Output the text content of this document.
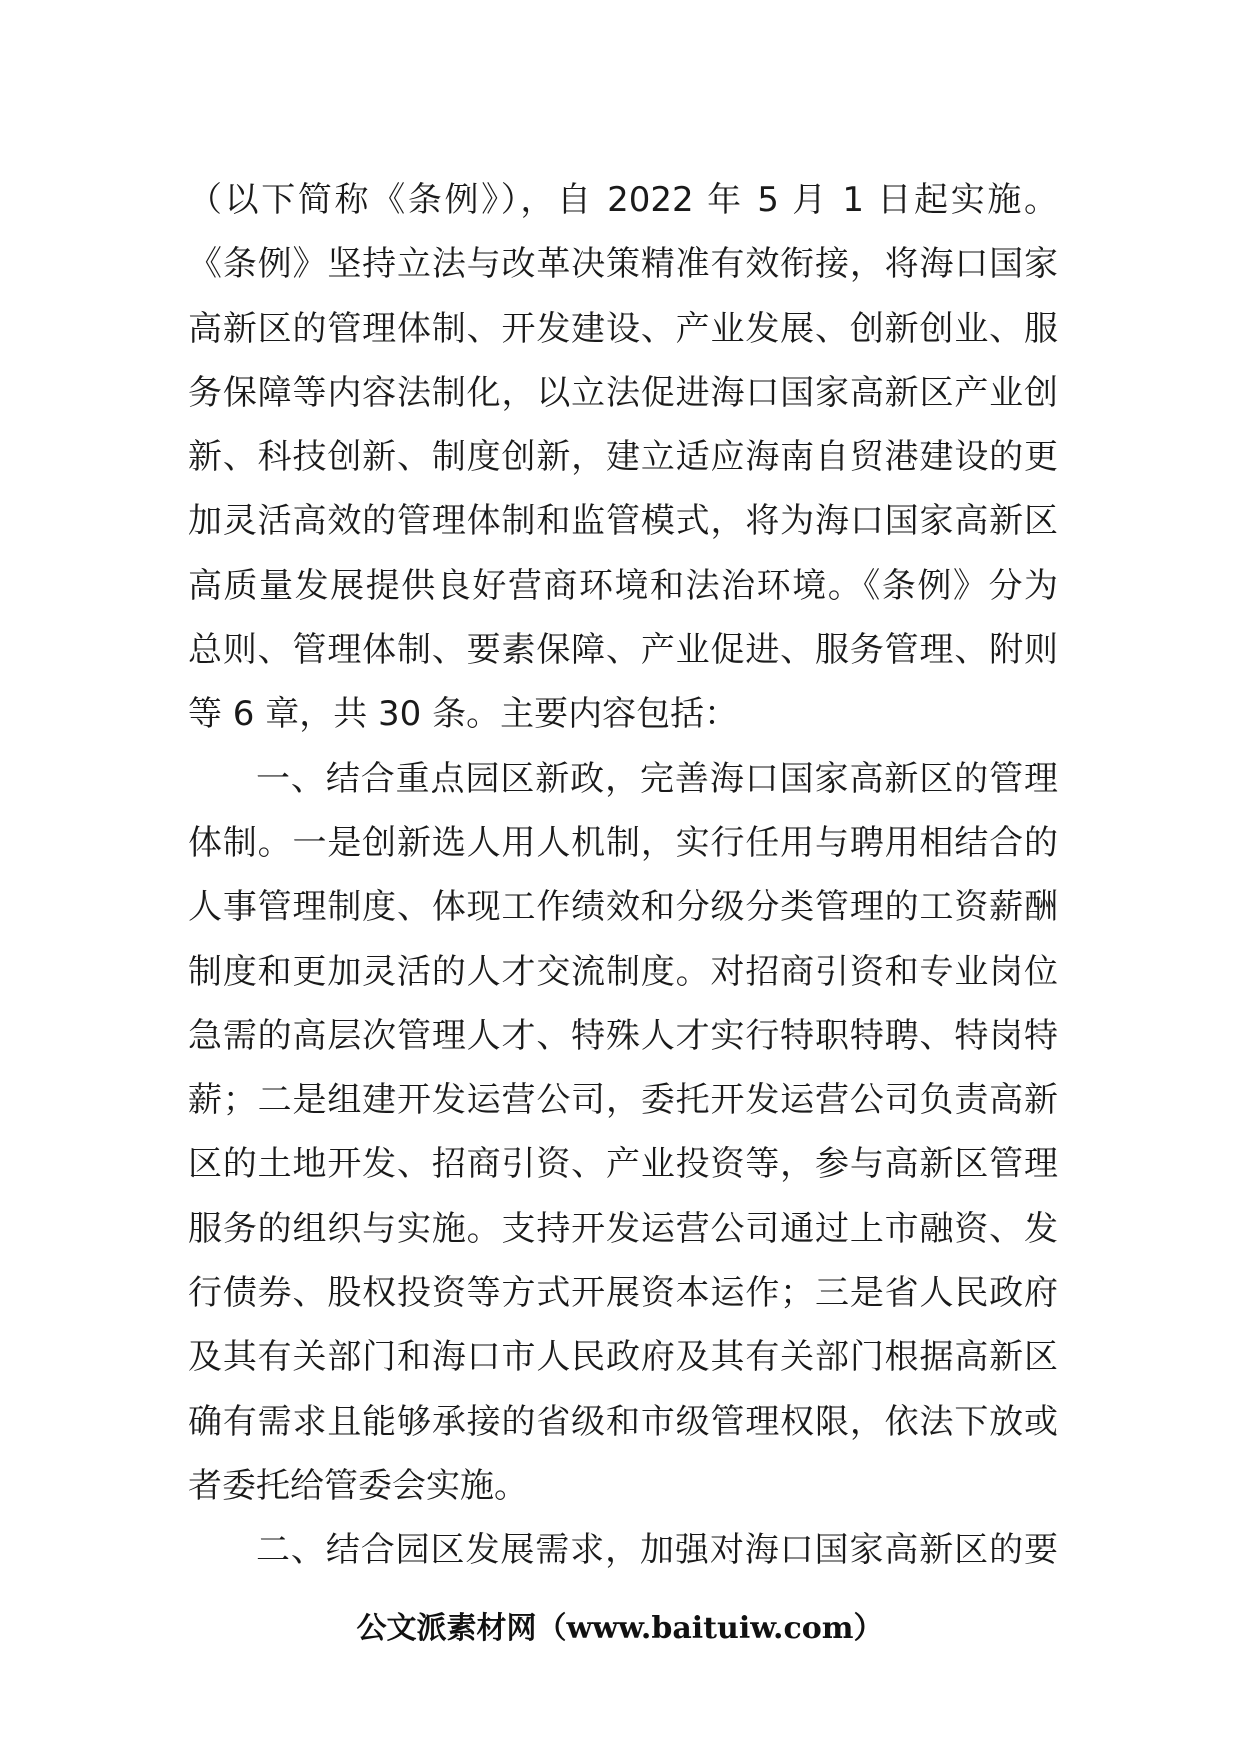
（以下简称《条例》），自 2022 年 5 月 1 日起实施。

《条例》坚持立法与改革决策精准有效衔接，将海口国家

高新区的管理体制、开发建设、产业发展、创新创业、服

务保障等内容法制化，以立法促进海口国家高新区产业创

新、科技创新、制度创新，建立适应海南自贸港建设的更

加灵活高效的管理体制和监管模式，将为海口国家高新区

高质量发展提供良好营商环境和法治环境。《条例》分为

总则、管理体制、要素保障、产业促进、服务管理、附则

等 6 章，共 30 条。主要内容包括：

一、结合重点园区新政，完善海口国家高新区的管理

体制。一是创新选人用人机制，实行任用与聘用相结合的

人事管理制度、体现工作绩效和分级分类管理的工资薪酬

制度和更加灵活的人才交流制度。对招商引资和专业岗位

急需的高层次管理人才、特殊人才实行特职特聘、特岗特

薪；二是组建开发运营公司，委托开发运营公司负责高新

区的土地开发、招商引资、产业投资等，参与高新区管理

服务的组织与实施。支持开发运营公司通过上市融资、发

行债券、股权投资等方式开展资本运作；三是省人民政府

及其有关部门和海口市人民政府及其有关部门根据高新区

确有需求且能够承接的省级和市级管理权限，依法下放或

者委托给管委会实施。

二、结合园区发展需求，加强对海口国家高新区的要

公文派素材网（www.baituiw.com）
